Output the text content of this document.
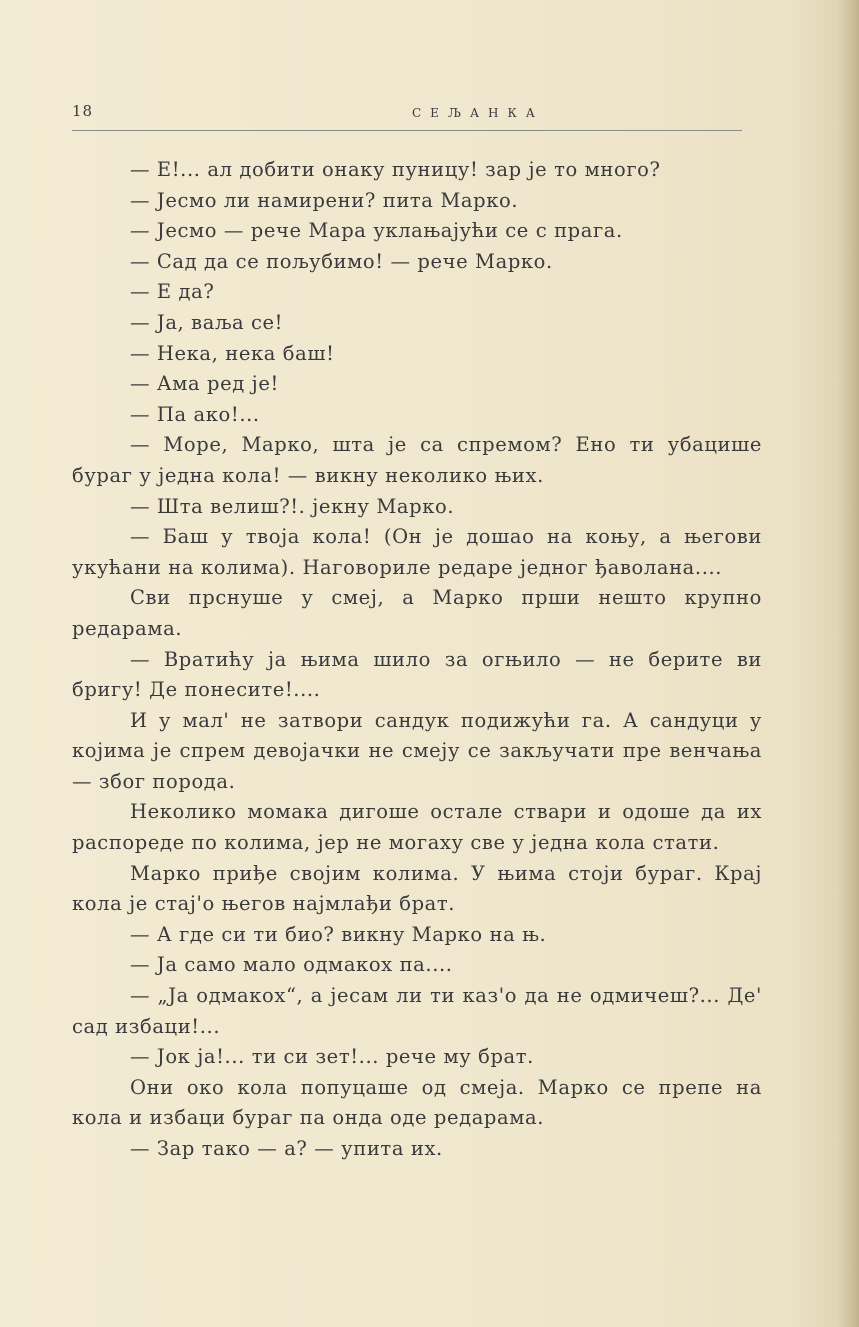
18	СЕЉАНКА

— Е!... ал добити онаку пуницу! зар је то много?

— Јесмо ли намирени? пита Марко.

— Јесмо — рече Мара уклањајући се с прага.

— Сад да се пољубимо! — рече Марко.

— Е да?

— Ја, ваља се!

— Нека, нека баш!

— Ама ред је!

— Па ако!...

— Море, Марко, шта је са спремом? Ено ти убацише бураг у једна кола! — викну неколико њих.

— Шта велиш?!. јекну Марко.

— Баш у твоја кола! (Он је дошао на коњу, а његови укућани на колима). Наговориле редаре једног ђаволана....

Сви прснуше у смеј, а Марко прши нешто крупно редарама.

— Вратићу ја њима шило за огњило — не берите ви бригу! Де понесите!....

И у мал' не затвори сандук подижући га. А сандуци у којима је спрем девојачки не смеју се закључати пре венчања — због порода.

Неколико момака дигоше остале ствари и одоше да их распореде по колима, јер не могаху све у једна кола стати.

Марко приђе својим колима. У њима стоји бураг. Крај кола је стај'о његов најмлађи брат.

— А где си ти био? викну Марко на њ.

— Ја само мало одмакох па....

— „Ја одмакох“, а јесам ли ти каз'о да не одмичеш?... Де' сад избаци!...

— Јок ја!... ти си зет!... рече му брат.

Они око кола попуцаше од смеја. Марко се препе на кола и избаци бураг па онда оде редарама.

— Зар тако — а? — упита их.
